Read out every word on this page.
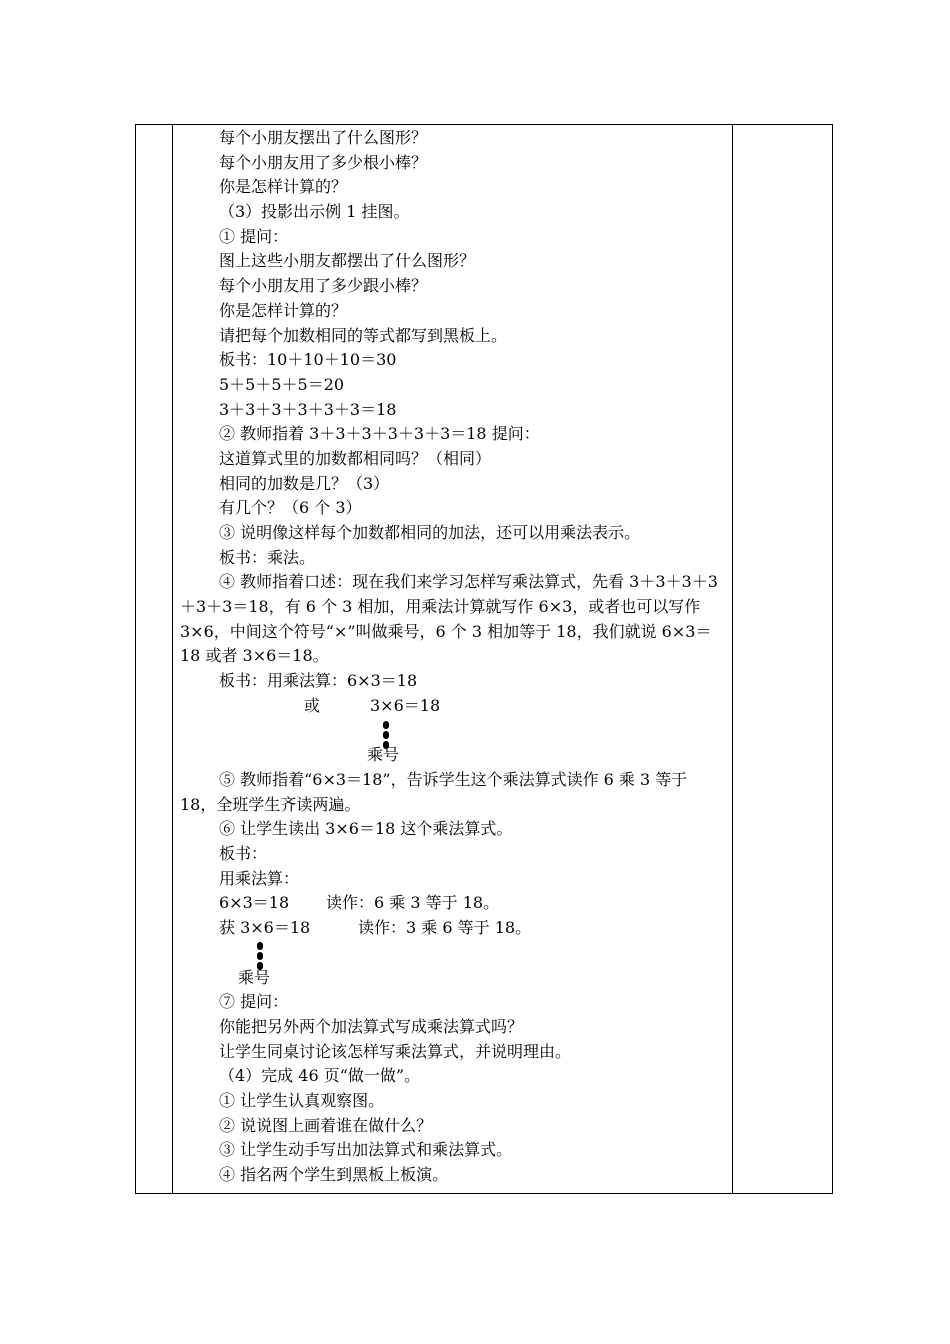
每个小朋友摆出了什么图形？
每个小朋友用了多少根小棒？
你是怎样计算的？
（3）投影出示例 1 挂图。
① 提问：
图上这些小朋友都摆出了什么图形？
每个小朋友用了多少跟小棒？
你是怎样计算的？
请把每个加数相同的等式都写到黑板上。
板书：10＋10＋10＝30
5＋5＋5＋5＝20
3＋3＋3＋3＋3＋3＝18
② 教师指着 3＋3＋3＋3＋3＋3＝18 提问：
这道算式里的加数都相同吗？（相同）
相同的加数是几？（3）
有几个？（6 个 3）
③ 说明像这样每个加数都相同的加法，还可以用乘法表示。
板书：乘法。
④ 教师指着口述：现在我们来学习怎样写乘法算式，先看 3＋3＋3＋3＋3＋3＝18，有 6 个 3 相加，用乘法计算就写作 6×3，或者也可以写作 3×6，中间这个符号“×”叫做乘号，6 个 3 相加等于 18，我们就说 6×3＝18 或者 3×6＝18。
板书：用乘法算：6×3＝18
或	3×6＝18
乘号
⑤ 教师指着“6×3＝18”，告诉学生这个乘法算式读作 6 乘 3 等于 18，全班学生齐读两遍。
⑥ 让学生读出 3×6＝18 这个乘法算式。
板书：
用乘法算：
6×3＝18 读作：6 乘 3 等于 18。
获 3×6＝18	读作：3 乘 6 等于 18。
乘号
⑦ 提问：
你能把另外两个加法算式写成乘法算式吗？
让学生同桌讨论该怎样写乘法算式，并说明理由。
（4）完成 46 页“做一做”。
① 让学生认真观察图。
② 说说图上画着谁在做什么？
③ 让学生动手写出加法算式和乘法算式。
④ 指名两个学生到黑板上板演。
